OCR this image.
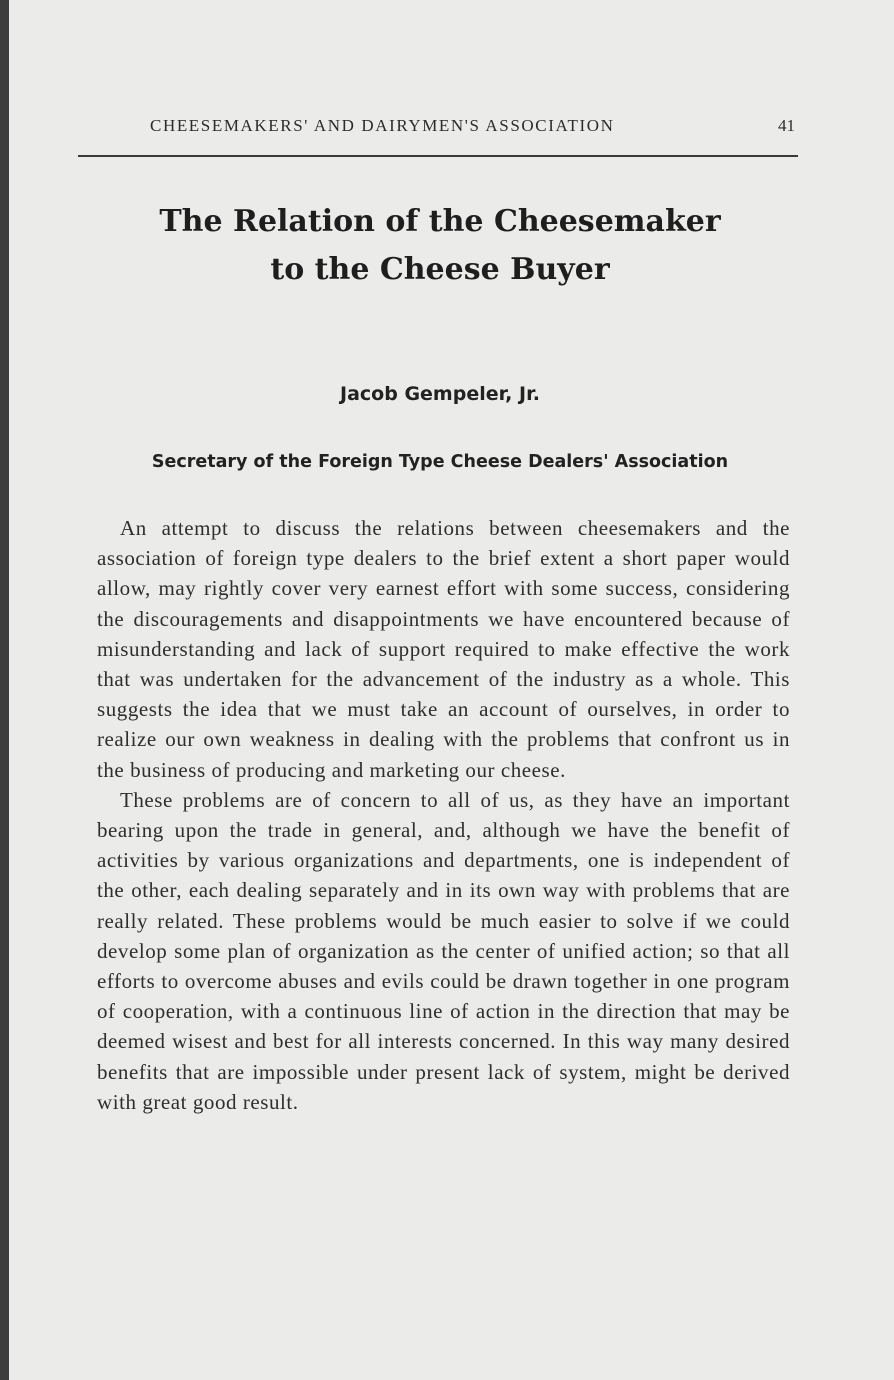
CHEESEMAKERS' AND DAIRYMEN'S ASSOCIATION	41
The Relation of the Cheesemaker
to the Cheese Buyer
Jacob Gempeler, Jr.
Secretary of the Foreign Type Cheese Dealers' Association

An attempt to discuss the relations between cheesemakers and the association of foreign type dealers to the brief extent a short paper would allow, may rightly cover very earnest effort with some success, considering the discouragements and disappointments we have encountered because of misunderstanding and lack of support required to make effective the work that was undertaken for the advancement of the industry as a whole. This suggests the idea that we must take an account of ourselves, in order to realize our own weakness in dealing with the problems that confront us in the business of producing and marketing our cheese.

These problems are of concern to all of us, as they have an important bearing upon the trade in general, and, although we have the benefit of activities by various organizations and departments, one is independent of the other, each dealing separately and in its own way with problems that are really related. These problems would be much easier to solve if we could develop some plan of organization as the center of unified action; so that all efforts to overcome abuses and evils could be drawn together in one program of cooperation, with a continuous line of action in the direction that may be deemed wisest and best for all interests concerned. In this way many desired benefits that are impossible under present lack of system, might be derived with great good result.
